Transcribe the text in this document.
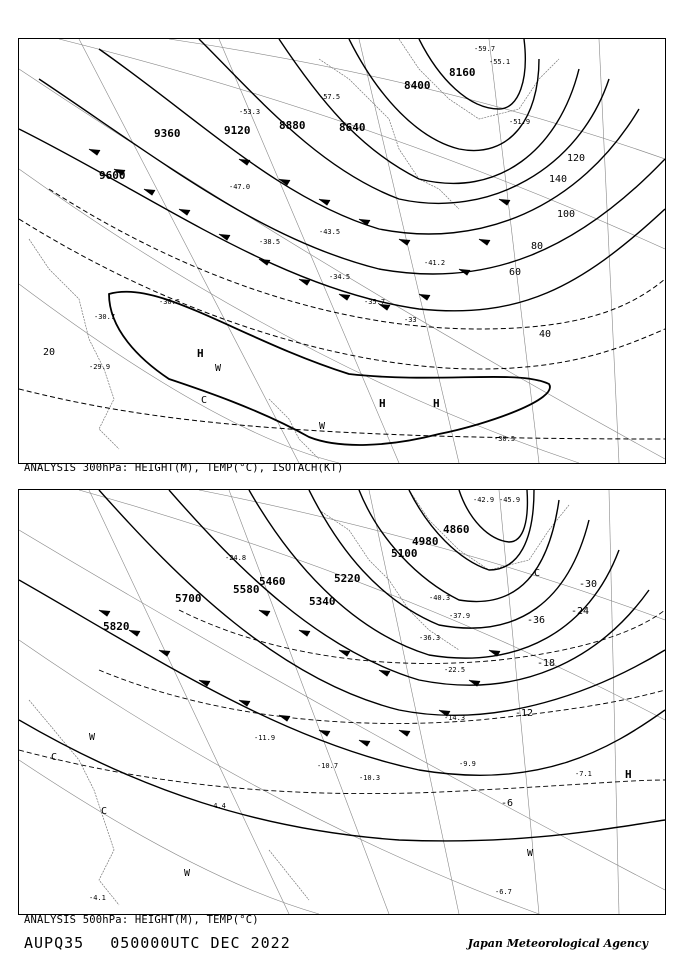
9600
9360	9120	8880	8640
8400
8160
20
40
60
80
100
120
140
-59.7
-55.1
-57.5
-53.3
-51.9
-47.0
-43.5
-41.2
-38.5
-34.5
-30.5	-35.7
-33
-30.7
-29.9
-30.5
H
H	H
W
W
C
ANALYSIS 300hPa: HEIGHT(M), TEMP(°C), ISOTACH(KT)
5700
5580
5460
5340
5220
5100
4980
4860
5820	-36
-30
-24
-18
-12
-6
-42.9 -45.9
-40.3
-37.9
-36.3
-24.8
-22.5
-14.3
-9.9
-7.1
-10.3
-10.7
-11.9
-6.7
-4.1
-4.4
H
C
C
C
W
W
W
ANALYSIS 500hPa: HEIGHT(M), TEMP(°C)
AUPQ35 050000UTC DEC 2022	Japan Meteorological Agency
